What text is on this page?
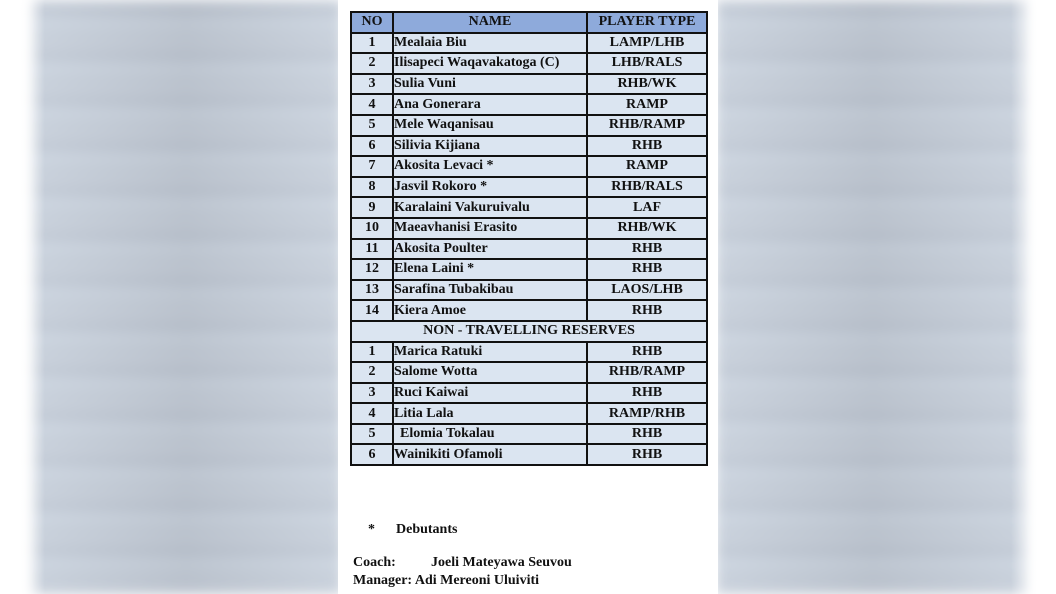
NO	NAME	PLAYER TYPE
1	Mealaia Biu	LAMP/LHB
2	Ilisapeci Waqavakatoga (C)	LHB/RALS
3	Sulia Vuni	RHB/WK
4	Ana Gonerara	RAMP
5	Mele Waqanisau	RHB/RAMP
6	Silivia Kijiana	RHB
7	Akosita Levaci *	RAMP
8	Jasvil Rokoro *	RHB/RALS
9	Karalaini Vakuruivalu	LAF
10	Maeavhanisi Erasito	RHB/WK
11	Akosita Poulter	RHB
12	Elena Laini *	RHB
13	Sarafina Tubakibau	LAOS/LHB
14	Kiera Amoe	RHB
NON - TRAVELLING RESERVES		
1	Marica Ratuki	RHB
2	Salome Wotta	RHB/RAMP
3	Ruci Kaiwai	RHB
4	Litia Lala	RAMP/RHB
5	Elomia Tokalau	RHB
6	Wainikiti Ofamoli	RHB
* Debutants
Coach:	Joeli Mateyawa Seuvou
Manager: Adi Mereoni Uluiviti
